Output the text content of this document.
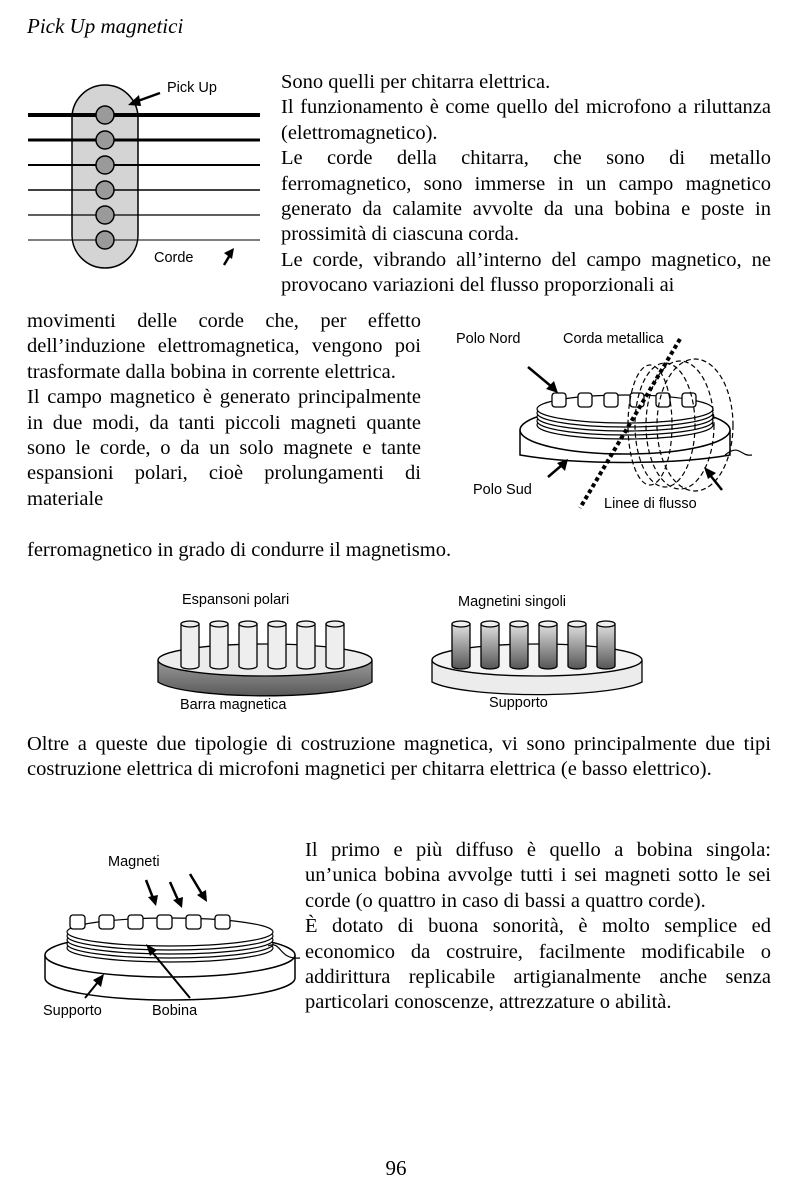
Pick Up magnetici
Pick Up
Corde

Sono quelli per chitarra elettrica.

Il funzionamento è come quello del microfono a riluttanza (elettromagnetico).

Le corde della chitarra, che sono di metallo ferromagnetico, sono immerse in un campo magnetico generato da calamite avvolte da una bobina e poste in prossimità di ciascuna corda.

Le corde, vibrando all’interno del campo magnetico, ne provocano variazioni del flusso proporzionali ai

movimenti delle corde che, per effetto dell’induzione elettromagnetica, vengono poi trasformate dalla bobina in corrente elettrica.

Il campo magnetico è generato principalmente in due modi, da tanti piccoli magneti quante sono le corde, o da un solo magnete e tante espansioni polari, cioè prolungamenti di materiale

ferromagnetico in grado di condurre il magnetismo.
Polo Nord	Corda metallica
Polo Sud
Linee di flusso
Espansoni polari	Magnetini singoli
Barra magnetica	Supporto
Oltre a queste due tipologie di costruzione magnetica, vi sono principalmente due tipi costruzione elettrica di microfoni magnetici per chitarra elettrica (e basso elettrico).
Magneti
Supporto	Bobina

Il primo e più diffuso è quello a bobina singola: un’unica bobina avvolge tutti i sei magneti sotto le sei corde (o quattro in caso di bassi a quattro corde).

È dotato di buona sonorità, è molto semplice ed economico da costruire, facilmente modificabile o addirittura replicabile artigianalmente anche senza particolari conoscenze, attrezzature o abilità.

96
